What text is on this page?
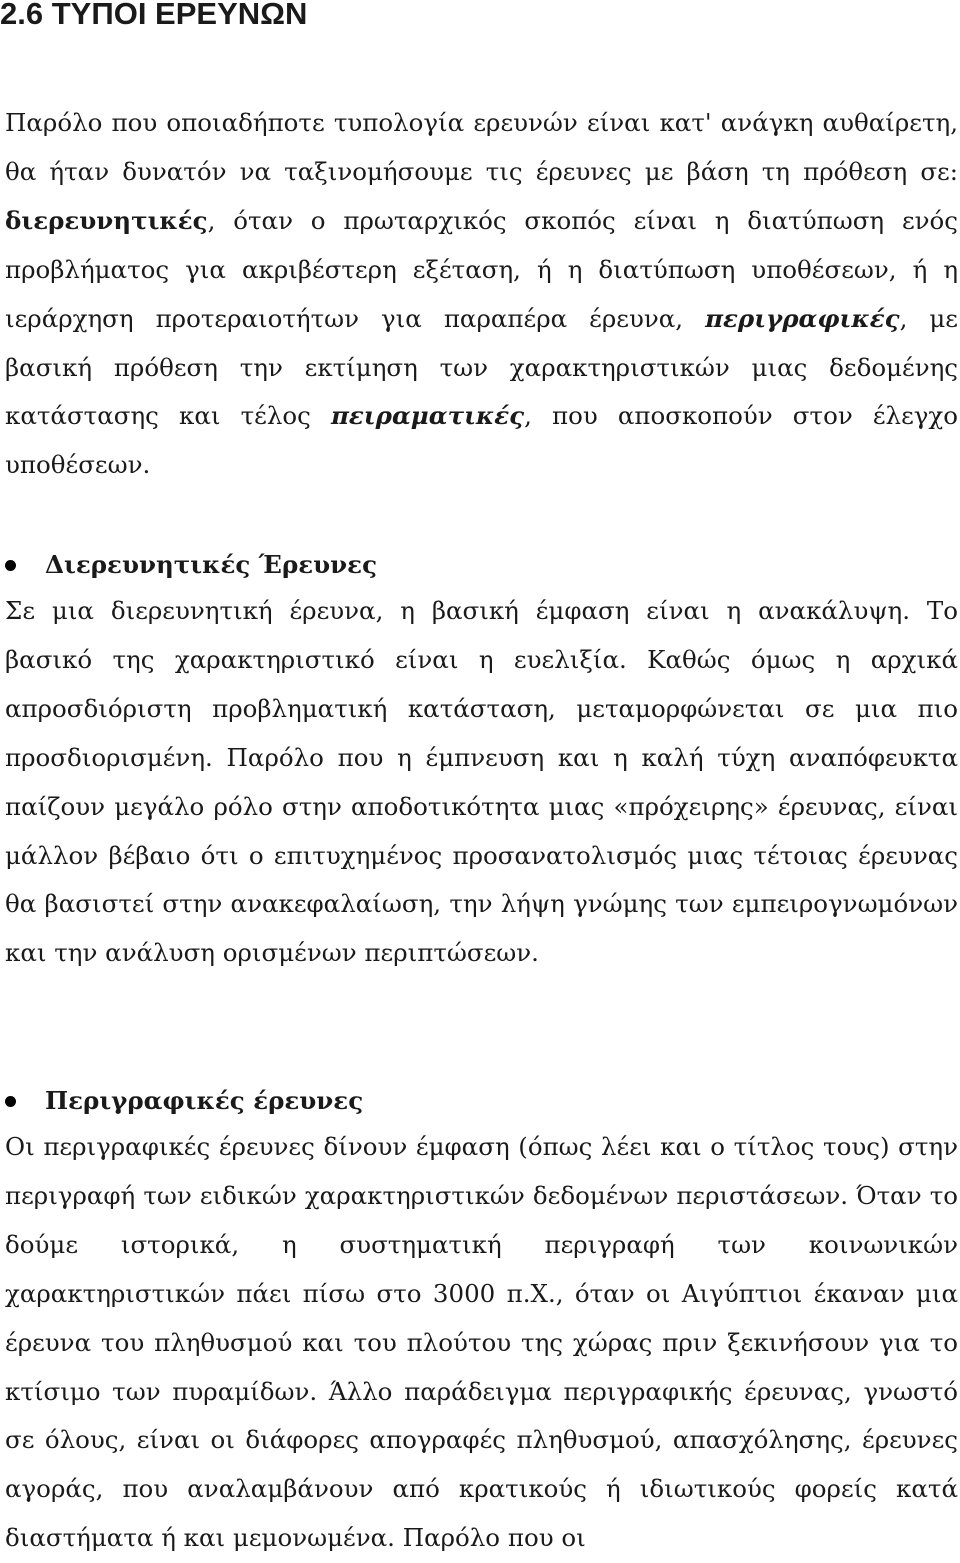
2.6 ΤΥΠΟΙ ΕΡΕΥΝΩΝ

Παρόλο που οποιαδήποτε τυπολογία ερευνών είναι κατ' ανάγκη αυθαίρετη, θα ήταν δυνατόν να ταξινομήσουμε τις έρευνες με βάση τη πρόθεση σε: διερευνητικές, όταν ο πρωταρχικός σκοπός είναι η διατύπωση ενός προβλήματος για ακριβέστερη εξέταση, ή η διατύπωση υποθέσεων, ή η ιεράρχηση προτεραιοτήτων για παραπέρα έρευνα, περιγραφικές, με βασική πρόθεση την εκτίμηση των χαρακτηριστικών μιας δεδομένης κατάστασης και τέλος πειραματικές, που αποσκοπούν στον έλεγχο υποθέσεων.

Διερευνητικές Έρευνες

Σε μια διερευνητική έρευνα, η βασική έμφαση είναι η ανακάλυψη. Το βασικό της χαρακτηριστικό είναι η ευελιξία. Καθώς όμως η αρχικά απροσδιόριστη προβληματική κατάσταση, μεταμορφώνεται σε μια πιο προσδιορισμένη. Παρόλο που η έμπνευση και η καλή τύχη αναπόφευκτα παίζουν μεγάλο ρόλο στην αποδοτικότητα μιας «πρόχειρης» έρευνας, είναι μάλλον βέβαιο ότι ο επιτυχημένος προσανατολισμός μιας τέτοιας έρευνας θα βασιστεί στην ανακεφαλαίωση, την λήψη γνώμης των εμπειρογνωμόνων και την ανάλυση ορισμένων περιπτώσεων.

Περιγραφικές έρευνες

Οι περιγραφικές έρευνες δίνουν έμφαση (όπως λέει και ο τίτλος τους) στην περιγραφή των ειδικών χαρακτηριστικών δεδομένων περιστάσεων. Όταν το δούμε ιστορικά, η συστηματική περιγραφή των κοινωνικών χαρακτηριστικών πάει πίσω στο 3000 π.Χ., όταν οι Αιγύπτιοι έκαναν μια έρευνα του πληθυσμού και του πλούτου της χώρας πριν ξεκινήσουν για το κτίσιμο των πυραμίδων. Άλλο παράδειγμα περιγραφικής έρευνας, γνωστό σε όλους, είναι οι διάφορες απογραφές πληθυσμού, απασχόλησης, έρευνες αγοράς, που αναλαμβάνουν από κρατικούς ή ιδιωτικούς φορείς κατά διαστήματα ή και μεμονωμένα. Παρόλο που οι
